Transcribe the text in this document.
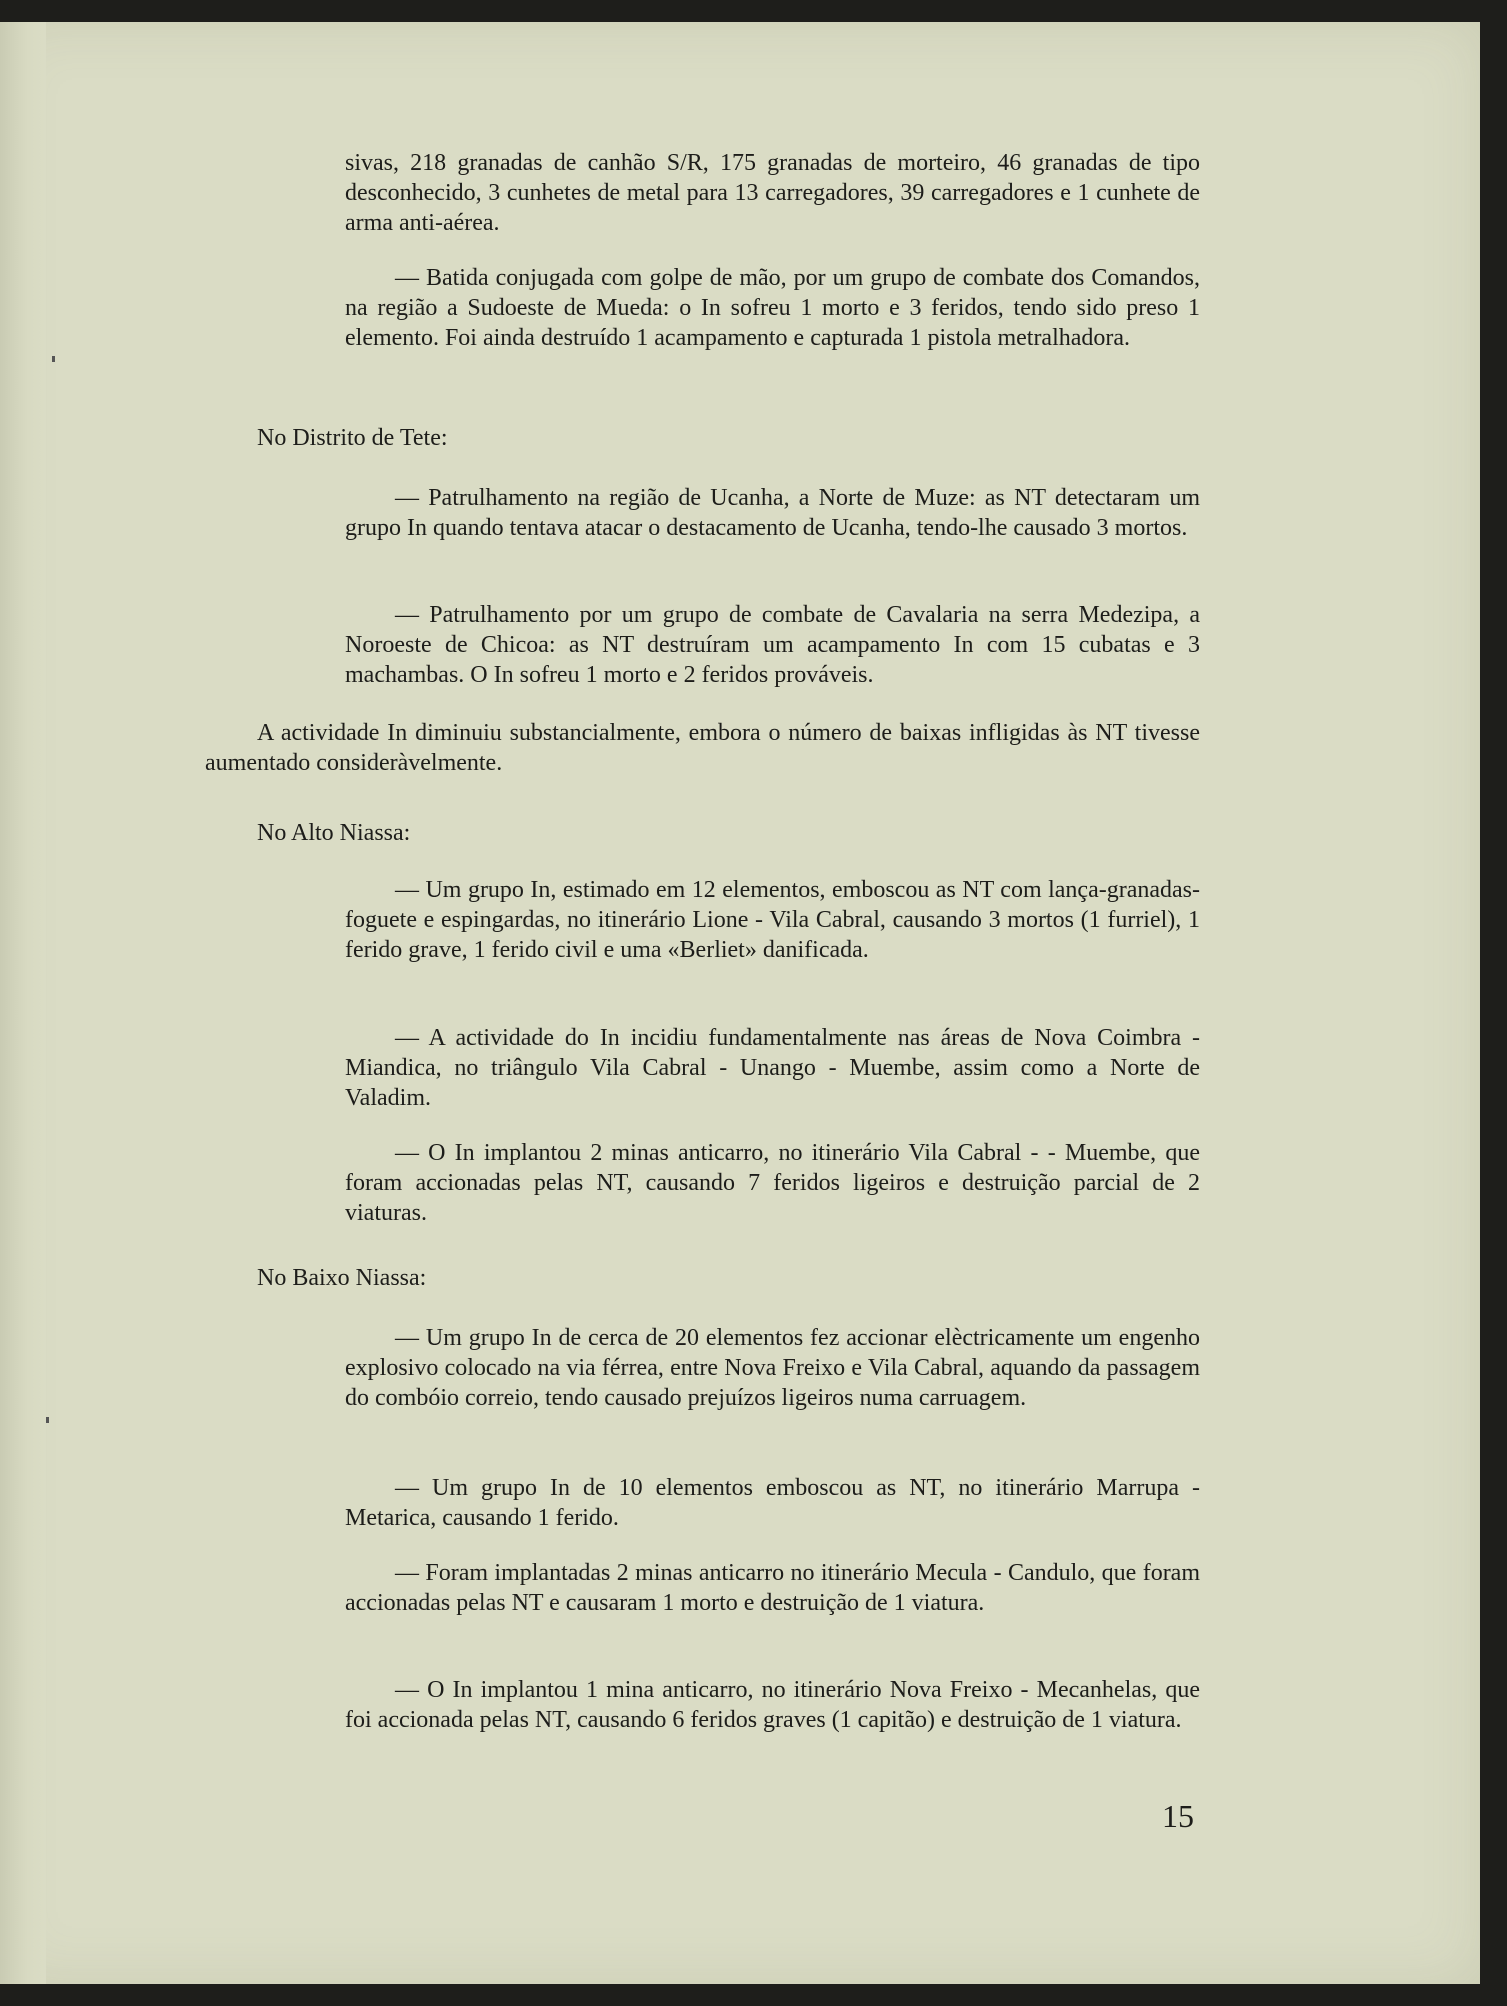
sivas, 218 granadas de canhão S/R, 175 granadas de morteiro, 46 granadas de tipo desconhecido, 3 cunhetes de metal para 13 carregadores, 39 carregadores e 1 cunhete de arma anti-aérea.

— Batida conjugada com golpe de mão, por um grupo de combate dos Comandos, na região a Sudoeste de Mueda: o In sofreu 1 morto e 3 feridos, tendo sido preso 1 elemento. Foi ainda destruído 1 acampamento e capturada 1 pistola metralhadora.

No Distrito de Tete:

— Patrulhamento na região de Ucanha, a Norte de Muze: as NT detectaram um grupo In quando tentava atacar o destacamento de Ucanha, tendo-lhe causado 3 mortos.

— Patrulhamento por um grupo de combate de Cavalaria na serra Medezipa, a Noroeste de Chicoa: as NT destruíram um acampamento In com 15 cubatas e 3 machambas. O In sofreu 1 morto e 2 feridos prováveis.

A actividade In diminuiu substancialmente, embora o número de baixas infligidas às NT tivesse aumentado consideràvelmente.

No Alto Niassa:

— Um grupo In, estimado em 12 elementos, emboscou as NT com lança-granadas-foguete e espingardas, no itinerário Lione - Vila Cabral, causando 3 mortos (1 furriel), 1 ferido grave, 1 ferido civil e uma «Berliet» danificada.

— A actividade do In incidiu fundamentalmente nas áreas de Nova Coimbra - Miandica, no triângulo Vila Cabral - Unango - Muembe, assim como a Norte de Valadim.

— O In implantou 2 minas anticarro, no itinerário Vila Cabral - - Muembe, que foram accionadas pelas NT, causando 7 feridos ligeiros e destruição parcial de 2 viaturas.

No Baixo Niassa:

— Um grupo In de cerca de 20 elementos fez accionar elèctricamente um engenho explosivo colocado na via férrea, entre Nova Freixo e Vila Cabral, aquando da passagem do combóio correio, tendo causado prejuízos ligeiros numa carruagem.

— Um grupo In de 10 elementos emboscou as NT, no itinerário Marrupa - Metarica, causando 1 ferido.

— Foram implantadas 2 minas anticarro no itinerário Mecula - Candulo, que foram accionadas pelas NT e causaram 1 morto e destruição de 1 viatura.

— O In implantou 1 mina anticarro, no itinerário Nova Freixo - Mecanhelas, que foi accionada pelas NT, causando 6 feridos graves (1 capitão) e destruição de 1 viatura.

15
